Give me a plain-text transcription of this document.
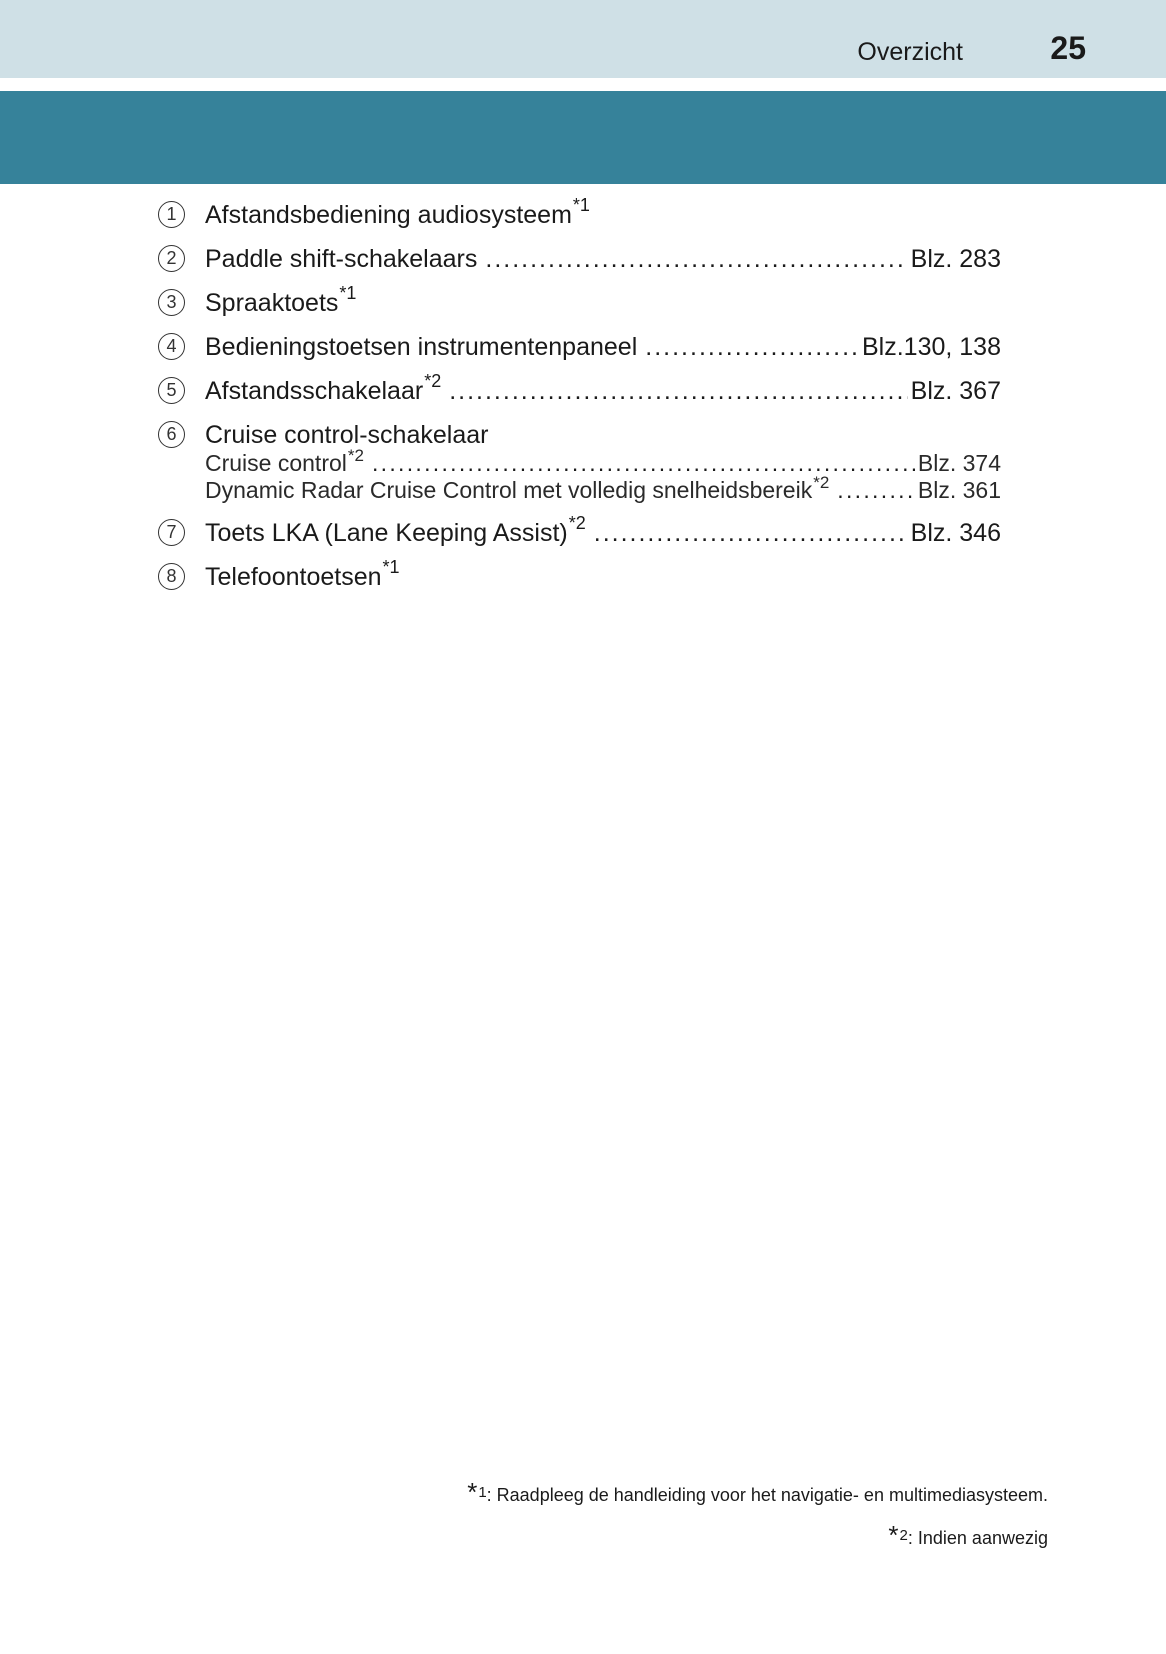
Overzicht	25
1	Afstandsbediening audiosysteem$^{*1}$
2	Paddle shift-schakelaars .....	Blz. 283
3	Spraaktoets$^{*1}$
4	Bedieningstoetsen instrumentenpaneel .....	Blz.130, 138
5	Afstandsschakelaar$^{*2}$ .....	Blz. 367
6	Cruise control-schakelaar
Cruise control$^{*2}$ .....	Blz. 374
Dynamic Radar Cruise Control met volledig snelheidsbereik$^{*2}$ .....	Blz. 361
7	Toets LKA (Lane Keeping Assist)$^{*2}$ .....	Blz. 346
8	Telefoontoetsen$^{*1}$
*$^1$: Raadpleeg de handleiding voor het navigatie- en multimediasysteem.
*$^2$: Indien aanwezig
